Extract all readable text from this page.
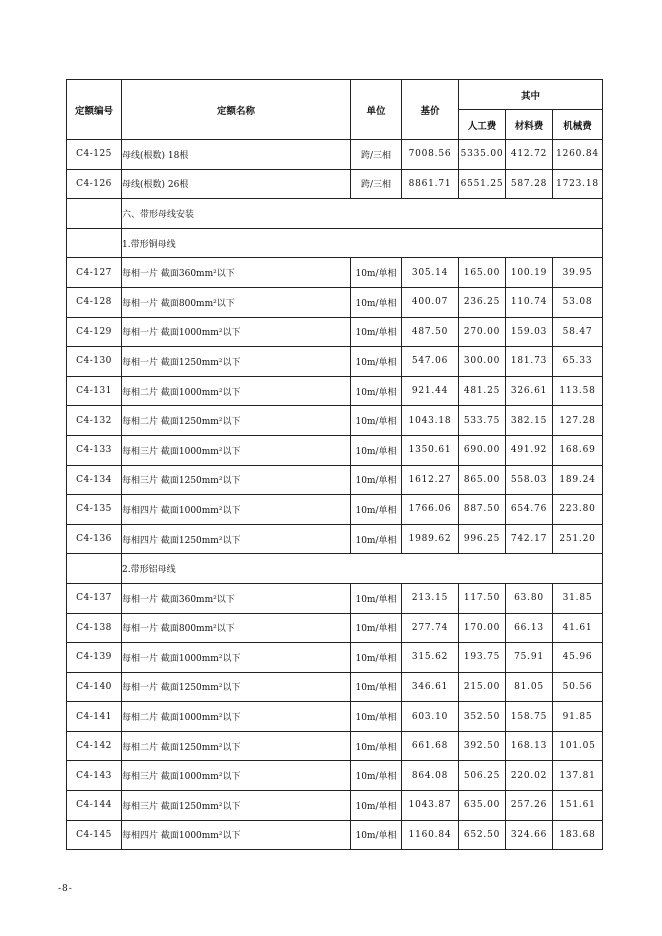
定额编号	定额名称	单位	基价	其中		
				人工费	材料费	机械费
C4-125	母线(根数) 18根	跨/三相	7008.56	5335.00	412.72	1260.84
C4-126	母线(根数) 26根	跨/三相	8861.71	6551.25	587.28	1723.18
	六、带形母线安装					
	1.带形铜母线					
C4-127	每相一片 截面360mm²以下	10m/单相	305.14	165.00	100.19	39.95
C4-128	每相一片 截面800mm²以下	10m/单相	400.07	236.25	110.74	53.08
C4-129	每相一片 截面1000mm²以下	10m/单相	487.50	270.00	159.03	58.47
C4-130	每相一片 截面1250mm²以下	10m/单相	547.06	300.00	181.73	65.33
C4-131	每相二片 截面1000mm²以下	10m/单相	921.44	481.25	326.61	113.58
C4-132	每相二片 截面1250mm²以下	10m/单相	1043.18	533.75	382.15	127.28
C4-133	每相三片 截面1000mm²以下	10m/单相	1350.61	690.00	491.92	168.69
C4-134	每相三片 截面1250mm²以下	10m/单相	1612.27	865.00	558.03	189.24
C4-135	每相四片 截面1000mm²以下	10m/单相	1766.06	887.50	654.76	223.80
C4-136	每相四片 截面1250mm²以下	10m/单相	1989.62	996.25	742.17	251.20
	2.带形铝母线					
C4-137	每相一片 截面360mm²以下	10m/单相	213.15	117.50	63.80	31.85
C4-138	每相一片 截面800mm²以下	10m/单相	277.74	170.00	66.13	41.61
C4-139	每相一片 截面1000mm²以下	10m/单相	315.62	193.75	75.91	45.96
C4-140	每相一片 截面1250mm²以下	10m/单相	346.61	215.00	81.05	50.56
C4-141	每相二片 截面1000mm²以下	10m/单相	603.10	352.50	158.75	91.85
C4-142	每相二片 截面1250mm²以下	10m/单相	661.68	392.50	168.13	101.05
C4-143	每相三片 截面1000mm²以下	10m/单相	864.08	506.25	220.02	137.81
C4-144	每相三片 截面1250mm²以下	10m/单相	1043.87	635.00	257.26	151.61
C4-145	每相四片 截面1000mm²以下	10m/单相	1160.84	652.50	324.66	183.68
-8-
